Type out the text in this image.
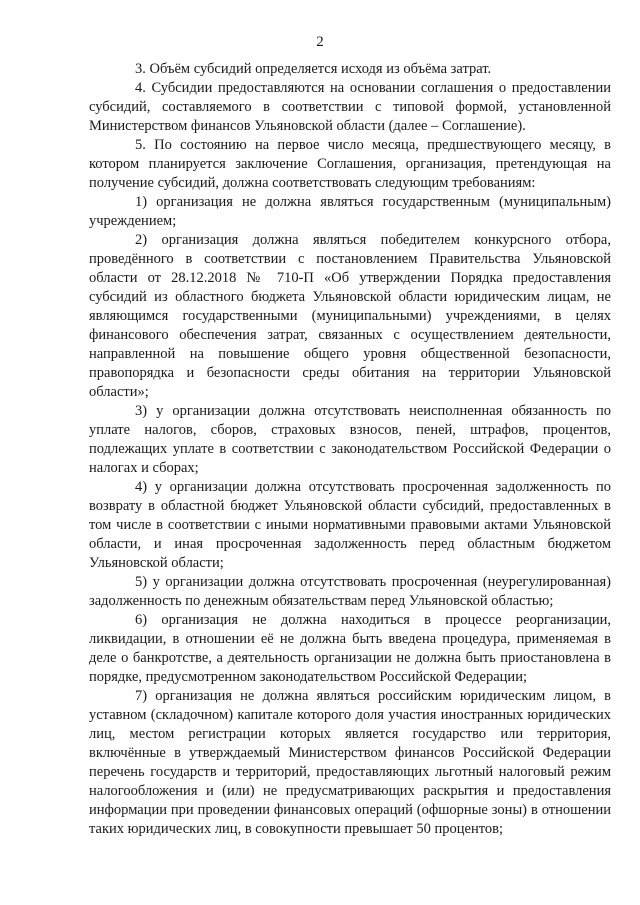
2

3. Объём субсидий определяется исходя из объёма затрат.

4. Субсидии предоставляются на основании соглашения о предоставлении субсидий, составляемого в соответствии с типовой формой, установленной Министерством финансов Ульяновской области (далее – Соглашение).

5. По состоянию на первое число месяца, предшествующего месяцу, в котором планируется заключение Соглашения, организация, претендующая на получение субсидий, должна соответствовать следующим требованиям:

1) организация не должна являться государственным (муниципальным) учреждением;

2) организация должна являться победителем конкурсного отбора, проведённого в соответствии с постановлением Правительства Ульяновской области от 28.12.2018 № 710-П «Об утверждении Порядка предоставления субсидий из областного бюджета Ульяновской области юридическим лицам, не являющимся государственными (муниципальными) учреждениями, в целях финансового обеспечения затрат, связанных с осуществлением деятельности, направленной на повышение общего уровня общественной безопасности, правопорядка и безопасности среды обитания на территории Ульяновской области»;

3) у организации должна отсутствовать неисполненная обязанность по уплате налогов, сборов, страховых взносов, пеней, штрафов, процентов, подлежащих уплате в соответствии с законодательством Российской Федерации о налогах и сборах;

4) у организации должна отсутствовать просроченная задолженность по возврату в областной бюджет Ульяновской области субсидий, предоставленных в том числе в соответствии с иными нормативными правовыми актами Ульяновской области, и иная просроченная задолженность перед областным бюджетом Ульяновской области;

5) у организации должна отсутствовать просроченная (неурегулированная) задолженность по денежным обязательствам перед Ульяновской областью;

6) организация не должна находиться в процессе реорганизации, ликвидации, в отношении её не должна быть введена процедура, применяемая в деле о банкротстве, а деятельность организации не должна быть приостановлена в порядке, предусмотренном законодательством Российской Федерации;

7) организация не должна являться российским юридическим лицом, в уставном (складочном) капитале которого доля участия иностранных юридических лиц, местом регистрации которых является государство или территория, включённые в утверждаемый Министерством финансов Российской Федерации перечень государств и территорий, предоставляющих льготный налоговый режим налогообложения и (или) не предусматривающих раскрытия и предоставления информации при проведении финансовых операций (офшорные зоны) в отношении таких юридических лиц, в совокупности превышает 50 процентов;
